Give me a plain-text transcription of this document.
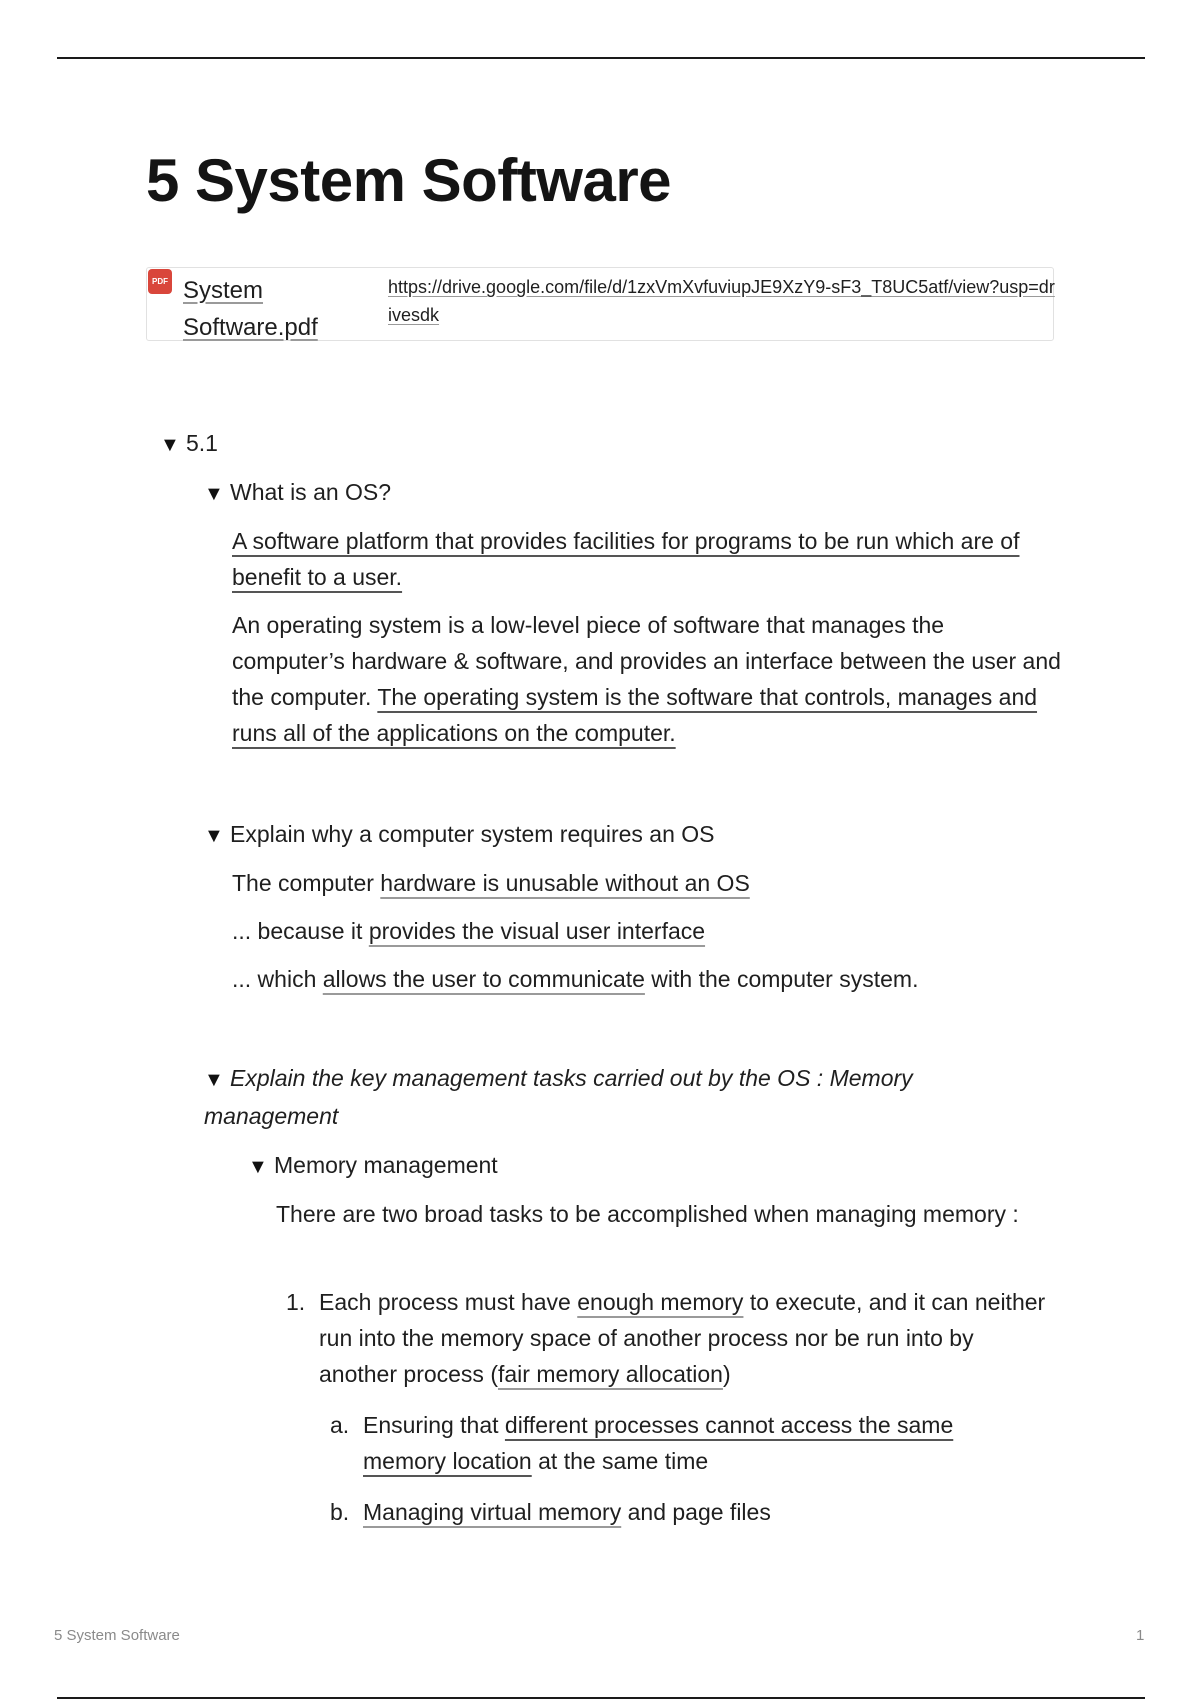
5 System Software
PDF System Software.pdf
https://drive.google.com/file/d/1zxVmXvfuviupJE9XzY9-sF3_T8UC5atf/view?usp=drivesdk
▼ 5.1
▼ What is an OS?
A software platform that provides facilities for programs to be run which are of benefit to a user.
An operating system is a low-level piece of software that manages the computer’s hardware & software, and provides an interface between the user and the computer. The operating system is the software that controls, manages and runs all of the applications on the computer.
▼ Explain why a computer system requires an OS
The computer hardware is unusable without an OS
... because it provides the visual user interface
... which allows the user to communicate with the computer system.
▼ Explain the key management tasks carried out by the OS : Memory management
▼ Memory management
There are two broad tasks to be accomplished when managing memory :
1. Each process must have enough memory to execute, and it can neither run into the memory space of another process nor be run into by another process (fair memory allocation)
a. Ensuring that different processes cannot access the same memory location at the same time
b. Managing virtual memory and page files
5 System Software	1
